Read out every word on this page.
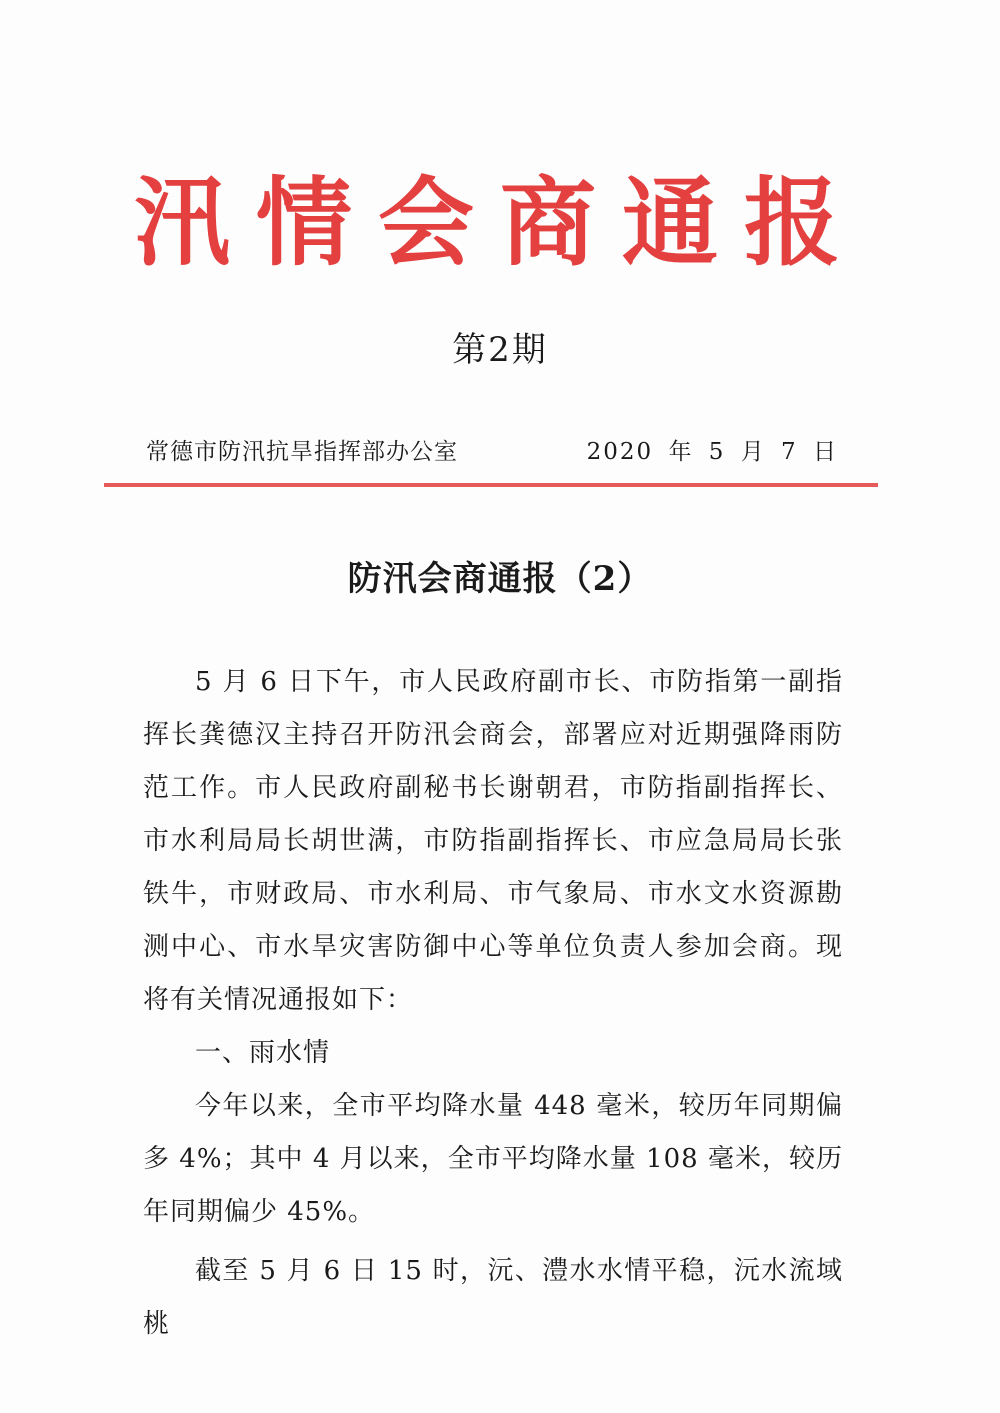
汛情会商通报
第2期
常德市防汛抗旱指挥部办公室	2020 年 5 月 7 日
防汛会商通报（2）

5 月 6 日下午，市人民政府副市长、市防指第一副指挥长龚德汉主持召开防汛会商会，部署应对近期强降雨防范工作。市人民政府副秘书长谢朝君，市防指副指挥长、市水利局局长胡世满，市防指副指挥长、市应急局局长张铁牛，市财政局、市水利局、市气象局、市水文水资源勘测中心、市水旱灾害防御中心等单位负责人参加会商。现将有关情况通报如下：

一、雨水情

今年以来，全市平均降水量 448 毫米，较历年同期偏多 4%；其中 4 月以来，全市平均降水量 108 毫米，较历年同期偏少 45%。

截至 5 月 6 日 15 时，沅、澧水水情平稳，沅水流域桃
